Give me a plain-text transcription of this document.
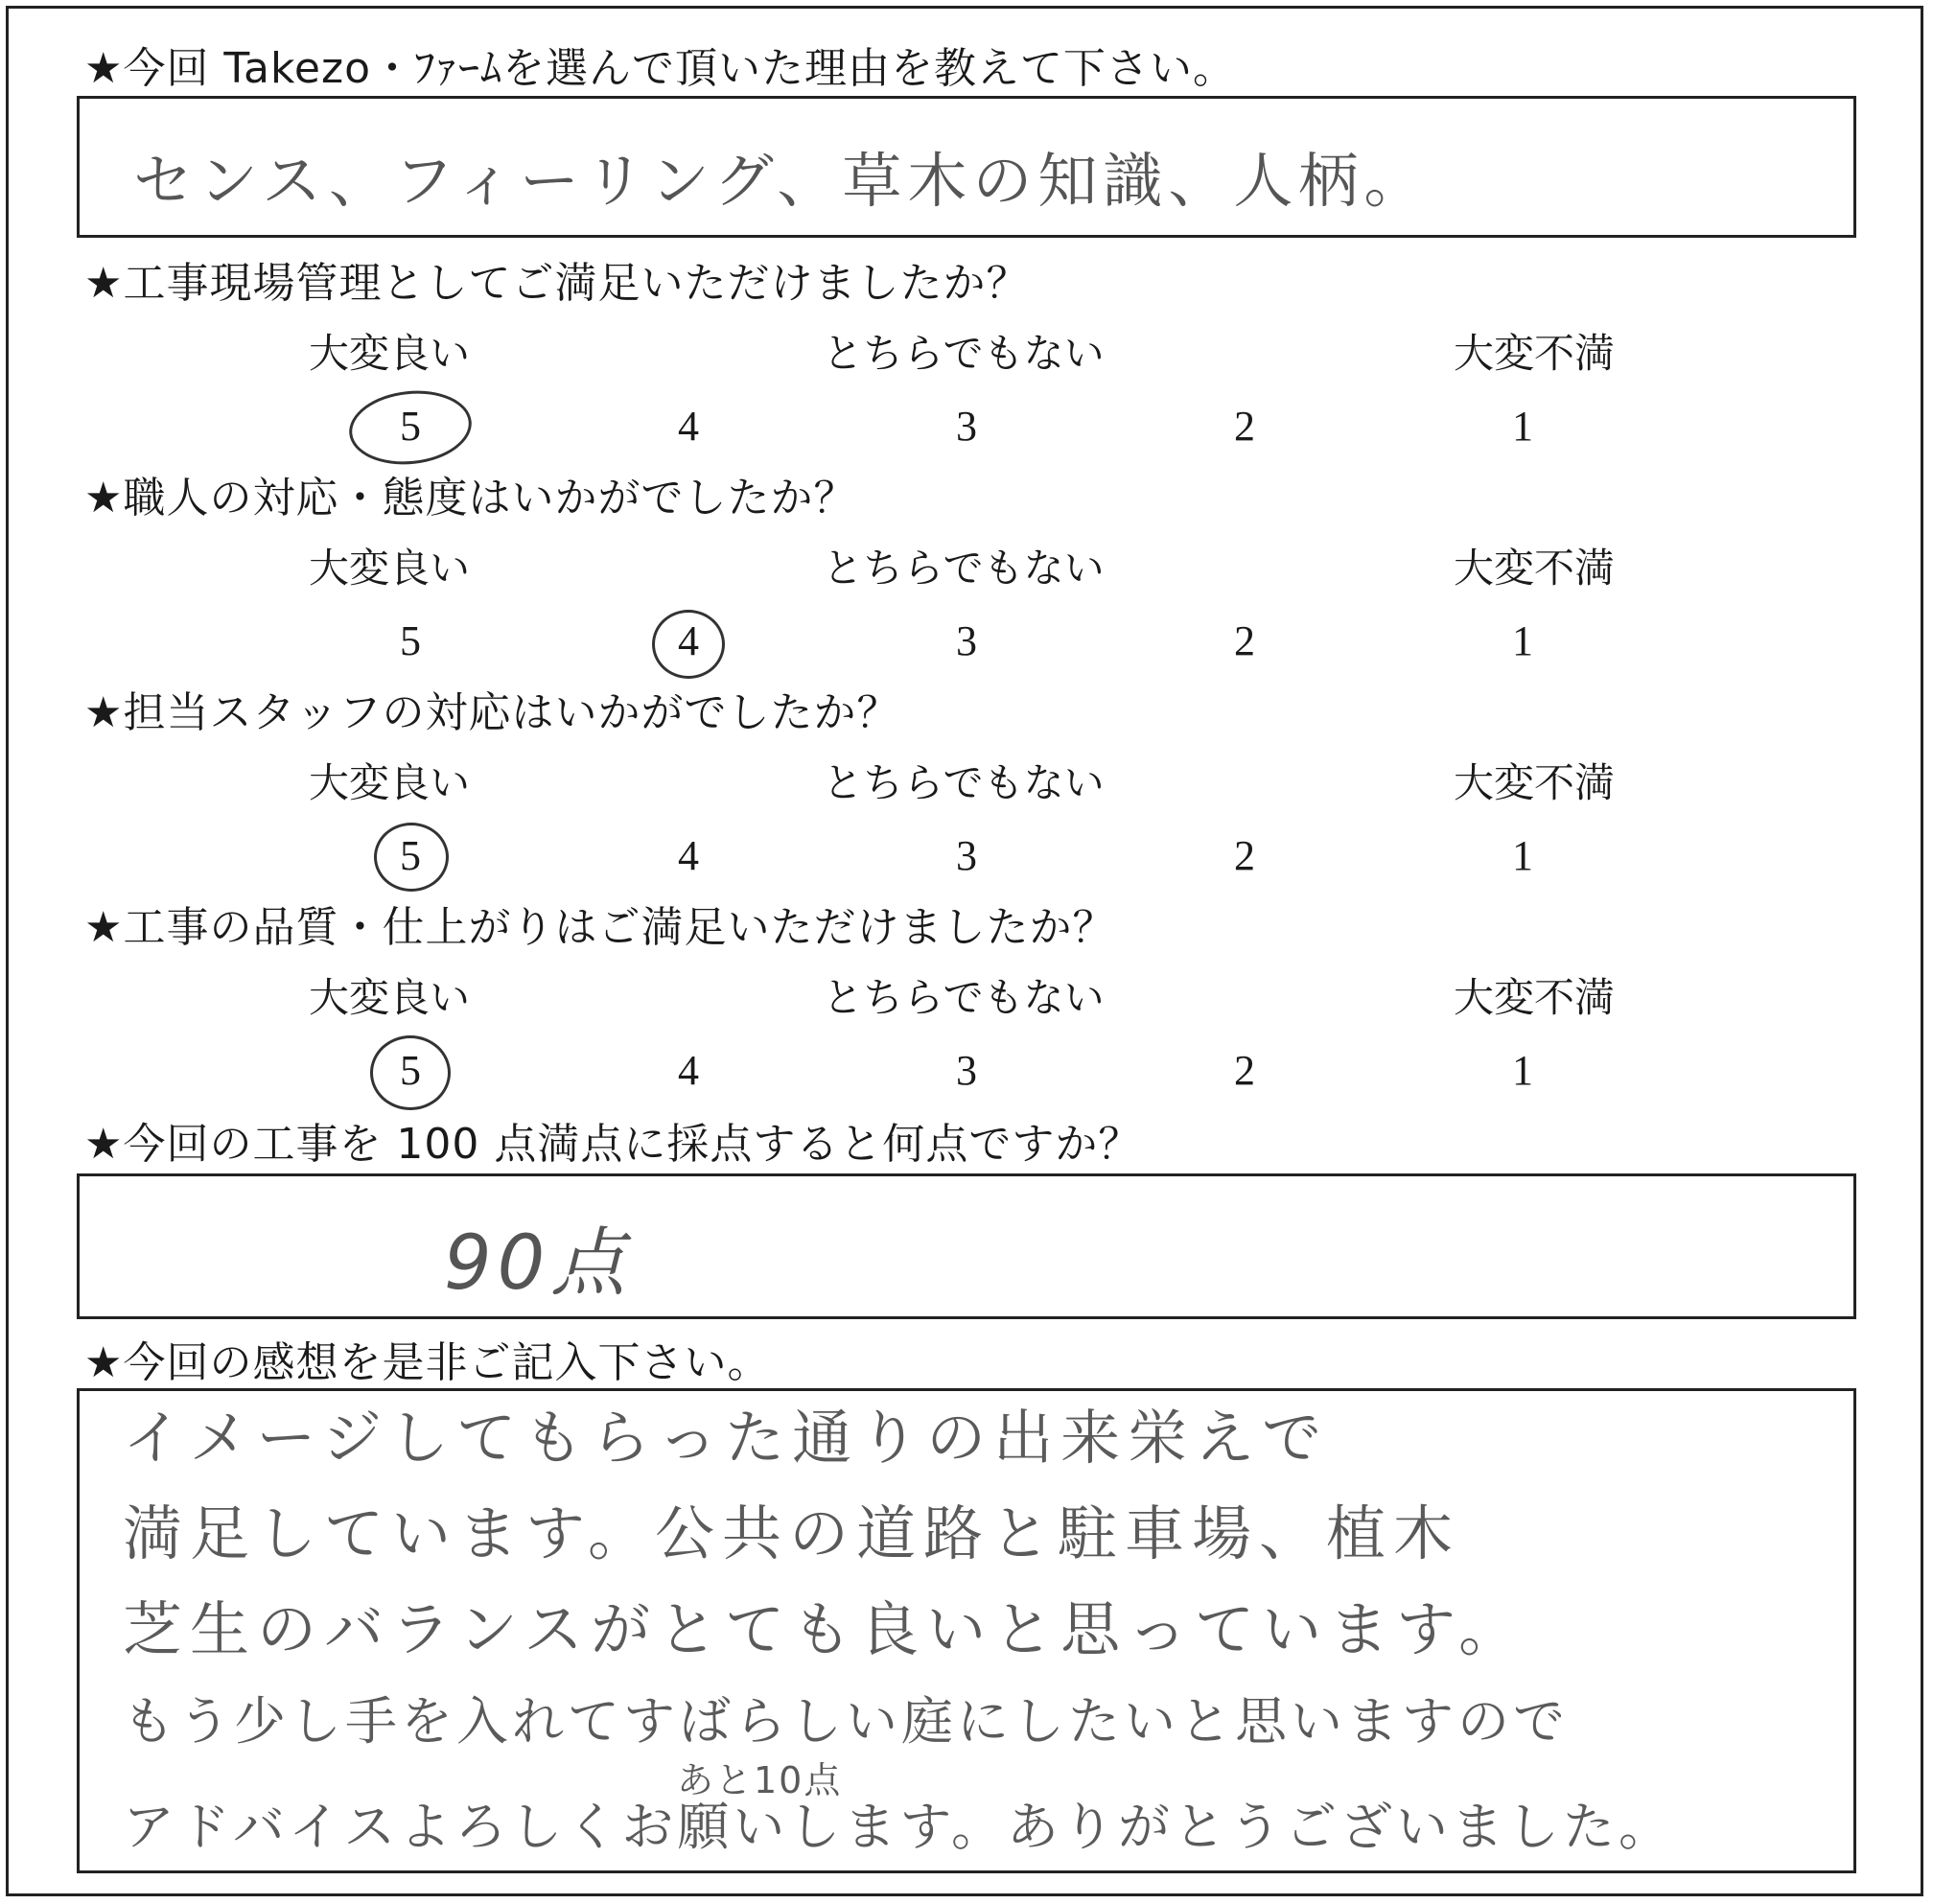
★今回 Takezo・ﾌｧｰﾑを選んで頂いた理由を教えて下さい。
センス、フィーリング、草木の知識、人柄。
★工事現場管理としてご満足いただけましたか？
大変良い	とちらでもない	大変不満
5	4	3	2	1
★職人の対応・態度はいかがでしたか？
大変良い	とちらでもない	大変不満
5	4	3	2	1
★担当スタッフの対応はいかがでしたか？
大変良い	とちらでもない	大変不満
5	4	3	2	1
★工事の品質・仕上がりはご満足いただけましたか？
大変良い	とちらでもない	大変不満
5	4	3	2	1
★今回の工事を 100 点満点に採点すると何点ですか？
90点
★今回の感想を是非ご記入下さい。
イメージしてもらった通りの出来栄えで
満足しています。公共の道路と駐車場、植木
芝生のバランスがとても良いと思っています。
もう少し手を入れてすばらしい庭にしたいと思いますので
あと10点
アドバイスよろしくお願いします。ありがとうございました。
